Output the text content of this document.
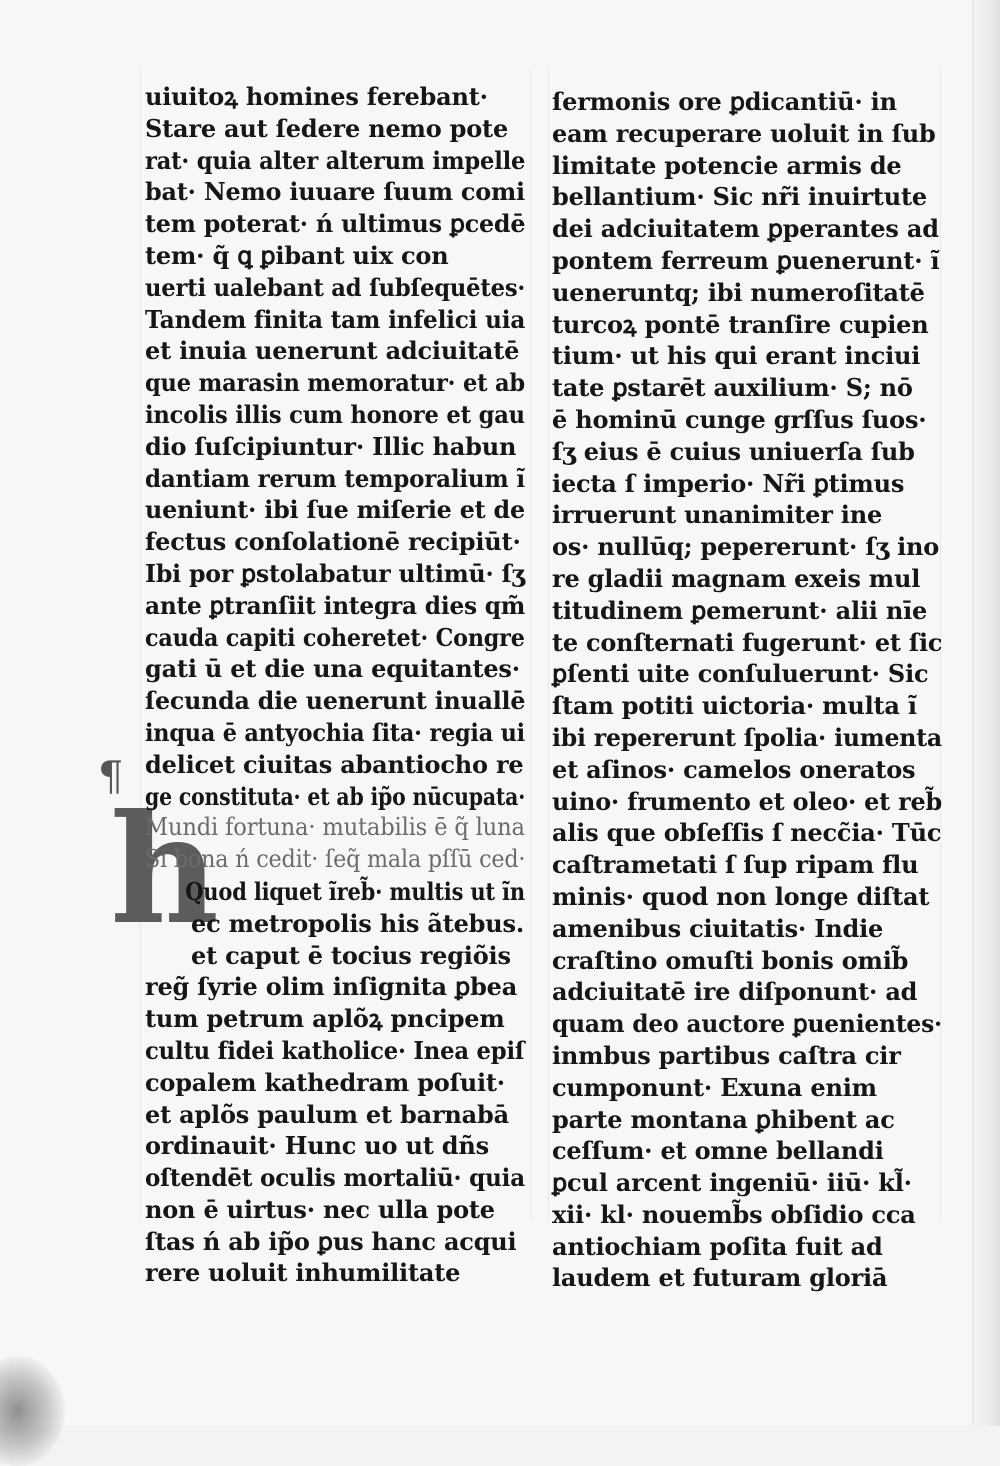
¶
h
uiuitoꝝ homines ferebant·
Stare aut ſedere nemo pote
rat· quia alter alterum impelle
bat· Nemo iuuare ſuum comi
tem poterat· ń ultimus ꝑcedē
tem· q̃ ꝗ ꝑibant uix con
uerti ualebant ad ſubſequētes·
Tandem finita tam infelici uia
et inuia uenerunt adciuitatē
que marasin memoratur· et ab
incolis illis cum honore et gau
dio ſuſcipiuntur· Illic habun
dantiam rerum temporalium ĩ
ueniunt· ibi ſue miſerie et de
fectus conſolationē recipiūt·
Ibi por ꝑstolabatur ultimū· ſʒ
ante ꝑtranſiit integra dies qm̃
cauda capiti coheretet· Congre
gati ū et die una equitantes·
ſecunda die uenerunt inuallē
inqua ē antyochia ſita· regia ui
delicet ciuitas abantiocho re
ge constituta· et ab ip̃o nūcupata·
Mundi fortuna· mutabilis ē q̃ luna
Si bona ń cedit· ſeq̃ mala pſſū ced·
Quod liquet ĩreb̃· multis ut ĩn
ec metropolis his ãtebus.
et caput ē tocius regiõis
reg̃ ſyrie olim inſignita ꝑbea
tum petrum aplõꝝ pncipem
cultu fidei katholice· Inea epiſ
copalem kathedram poſuit·
et aplõs paulum et barnabā
ordinauit· Hunc uo ut dñs
oſtendēt oculis mortaliū· quia
non ē uirtus· nec ulla pote
ſtas ń ab ip̃o ꝑus hanc acqui
rere uoluit inhumilitate
ſermonis ore ꝑdicantiū· in
eam recuperare uoluit in ſub
limitate potencie armis de
bellantium· Sic nr̃i inuirtute
dei adciuitatem ꝑperantes ad
pontem ferreum ꝑuenerunt· ĩ
ueneruntq; ibi numeroſitatē
turcoꝝ pontē tranſire cupien
tium· ut his qui erant inciui
tate ꝑstarēt auxilium· S; nō
ē hominū cunge grſſus ſuos·
ſʒ eius ē cuius uniuerſa ſub
iecta ſ imperio· Nr̃i ꝑtimus
irruerunt unanimiter ine
os· nullūq; pepererunt· ſʒ ino
re gladii magnam exeis mul
titudinem ꝑemerunt· alii nīe
te conſternati fugerunt· et ſic
ꝑſenti uite conſuluerunt· Sic
ſtam potiti uictoria· multa ĩ
ibi repererunt ſpolia· iumenta
et aſinos· camelos oneratos
uino· frumento et oleo· et reb̃
alis que obſeſſis ſ necc̃ia· Tūc
caſtrametati ſ ſup ripam flu
minis· quod non longe diſtat
amenibus ciuitatis· Indie
craſtino omuſti bonis omib̃
adciuitatē ire diſponunt· ad
quam deo auctore ꝑuenientes·
inmbus partibus caſtra cir
cumponunt· Exuna enim
parte montana ꝑhibent ac
ceſſum· et omne bellandi
ꝑcul arcent ingeniū· iiū· kl̃·
xii· kl· nouemb̃s obſidio cca
antiochiam poſita fuit ad
laudem et futuram gloriā
